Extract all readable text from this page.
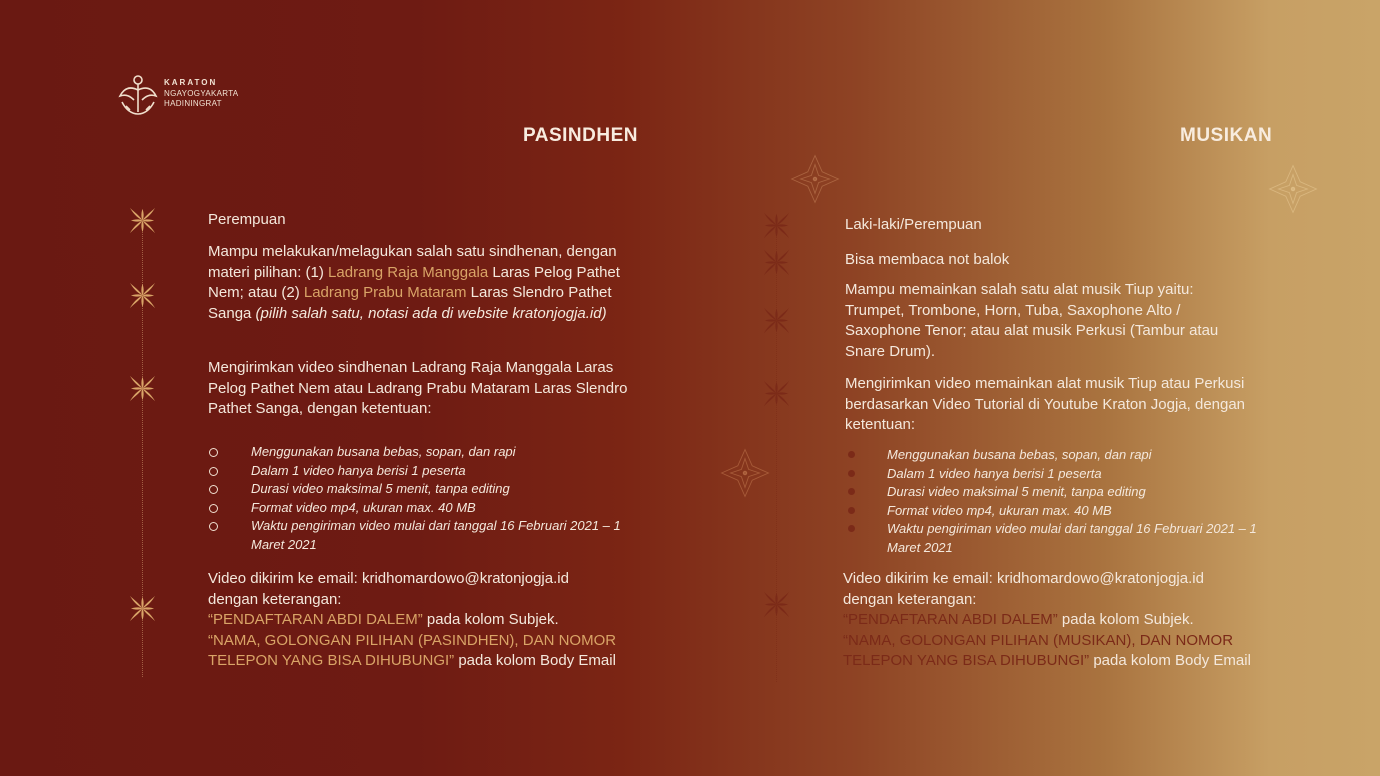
KARATON
NGAYOGYAKARTA
HADININGRAT
PASINDHEN	MUSIKAN

Perempuan

Mampu melakukan/melagukan salah satu sindhenan, dengan materi pilihan: (1) Ladrang Raja Manggala Laras Pelog Pathet Nem; atau (2) Ladrang Prabu Mataram Laras Slendro Pathet Sanga (pilih salah satu, notasi ada di website kratonjogja.id)

Mengirimkan video sindhenan Ladrang Raja Manggala Laras Pelog Pathet Nem atau Ladrang Prabu Mataram Laras Slendro Pathet Sanga, dengan ketentuan:

Menggunakan busana bebas, sopan, dan rapi
Dalam 1 video hanya berisi 1 peserta
Durasi video maksimal 5 menit, tanpa editing
Format video mp4, ukuran max. 40 MB
Waktu pengiriman video mulai dari tanggal 16 Februari 2021 – 1 Maret 2021
Video dikirim ke email: kridhomardowo@kratonjogja.id
dengan keterangan:
“PENDAFTARAN ABDI DALEM” pada kolom Subjek.
“NAMA, GOLONGAN PILIHAN (PASINDHEN), DAN NOMOR TELEPON YANG BISA DIHUBUNGI” pada kolom Body Email

Laki-laki/Perempuan

Bisa membaca not balok

Mampu memainkan salah satu alat musik Tiup yaitu: Trumpet, Trombone, Horn, Tuba, Saxophone Alto / Saxophone Tenor; atau alat musik Perkusi (Tambur atau Snare Drum).

Mengirimkan video memainkan alat musik Tiup atau Perkusi berdasarkan Video Tutorial di Youtube Kraton Jogja, dengan ketentuan:

Menggunakan busana bebas, sopan, dan rapi
Dalam 1 video hanya berisi 1 peserta
Durasi video maksimal 5 menit, tanpa editing
Format video mp4, ukuran max. 40 MB
Waktu pengiriman video mulai dari tanggal 16 Februari 2021 – 1 Maret 2021
Video dikirim ke email: kridhomardowo@kratonjogja.id
dengan keterangan:
“PENDAFTARAN ABDI DALEM” pada kolom Subjek.
“NAMA, GOLONGAN PILIHAN (MUSIKAN), DAN NOMOR TELEPON YANG BISA DIHUBUNGI” pada kolom Body Email
